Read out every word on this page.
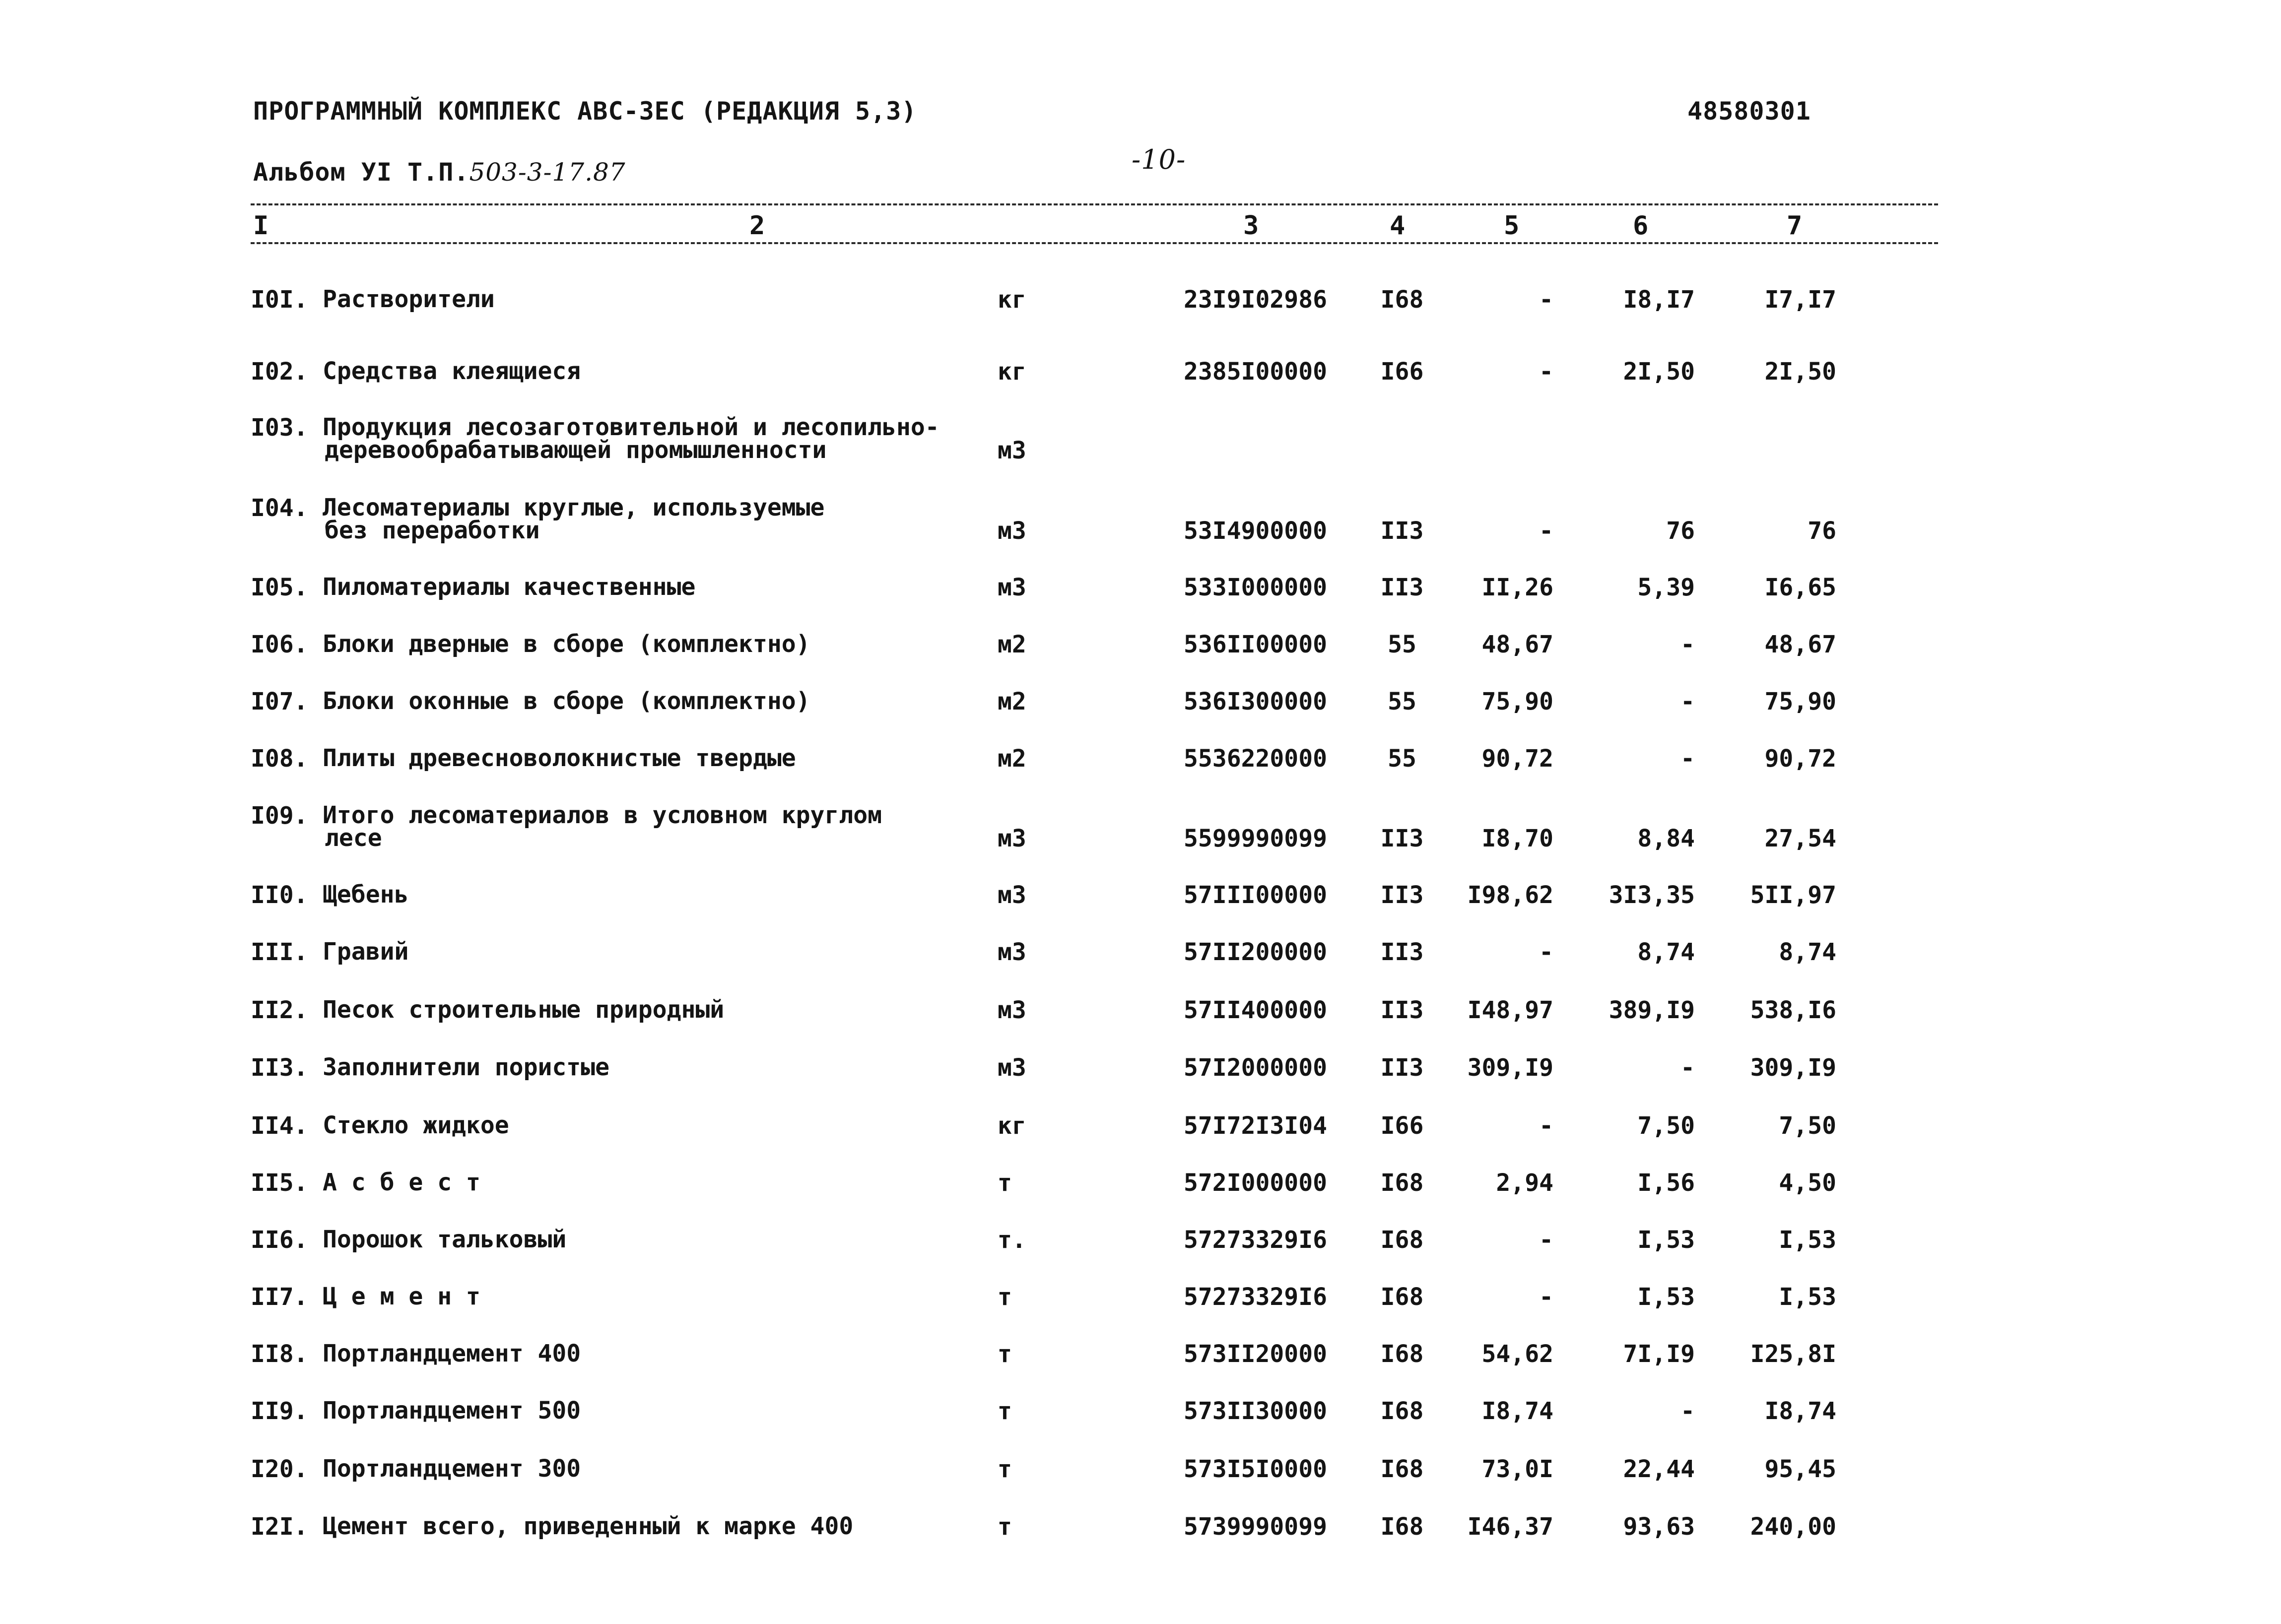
ПРОГРАММНЫЙ КОМПЛЕКС АВС-ЗЕС (РЕДАКЦИЯ 5,3)	48580301
Альбом УI Т.П.503-3-17.87	-10-
I	2	3	4	5	6	7
I0I. Растворители	кг	23I9I02986	I68	-	I8,I7	I7,I7
I02. Средства клеящиеся	кг	2385I00000	I66	-	2I,50	2I,50
I03. Продукция лесозаготовительной и лесопильно-
деревообрабатывающей промышленности	м3
I04. Лесоматериалы круглые, используемые
без переработки	м3	53I4900000	II3	-	76	76
I05. Пиломатериалы качественные	м3	533I000000	II3	II,26	5,39	I6,65
I06. Блоки дверные в сборе (комплектно)	м2	536II00000	55	48,67	-	48,67
I07. Блоки оконные в сборе (комплектно)	м2	536I300000	55	75,90	-	75,90
I08. Плиты древесноволокнистые твердые	м2	5536220000	55	90,72	-	90,72
I09. Итого лесоматериалов в условном круглом
лесе	м3	5599990099	II3	I8,70	8,84	27,54
II0. Щебень	м3	57III00000	II3	I98,62	3I3,35	5II,97
III. Гравий	м3	57II200000	II3	-	8,74	8,74
II2. Песок строительные природный	м3	57II400000	II3	I48,97	389,I9	538,I6
II3. Заполнители пористые	м3	57I2000000	II3	309,I9	-	309,I9
II4. Стекло жидкое	кг	57I72I3I04	I66	-	7,50	7,50
II5. А с б е с т	т	572I000000	I68	2,94	I,56	4,50
II6. Порошок тальковый	т.	57273329I6	I68	-	I,53	I,53
II7. Ц е м е н т	т	57273329I6	I68	-	I,53	I,53
II8. Портландцемент 400	т	573II20000	I68	54,62	7I,I9	I25,8I
II9. Портландцемент 500	т	573II30000	I68	I8,74	-	I8,74
I20. Портландцемент 300	т	573I5I0000	I68	73,0I	22,44	95,45
I2I. Цемент всего, приведенный к марке 400	т	5739990099	I68	I46,37	93,63	240,00
